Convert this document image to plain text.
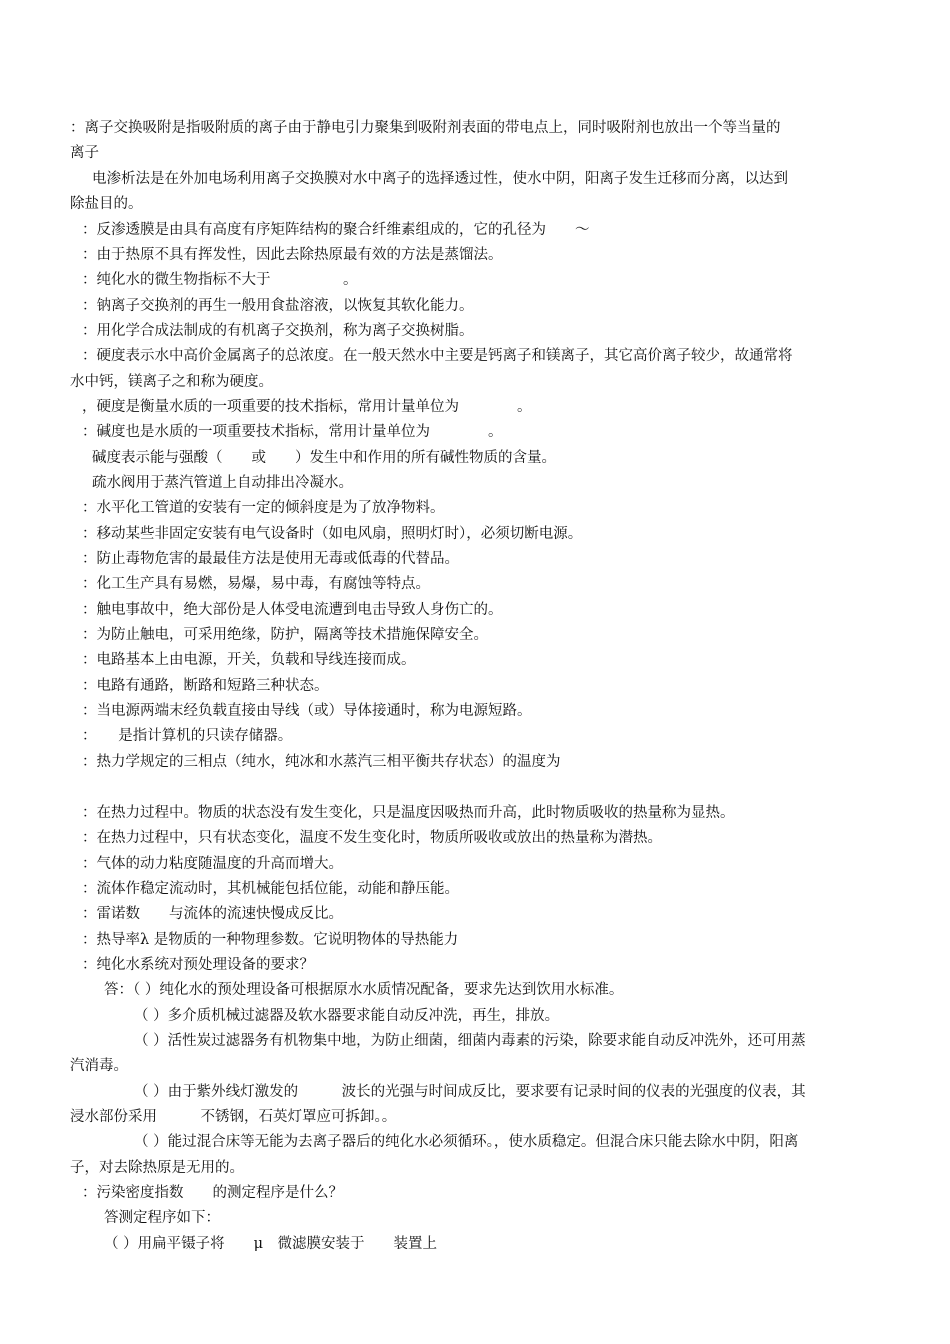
：离子交换吸附是指吸附质的离子由于静电引力聚集到吸附剂表面的带电点上，同时吸附剂也放出一个等当量的
离子
电渗析法是在外加电场利用离子交换膜对水中离子的选择透过性，使水中阴，阳离子发生迁移而分离，以达到
除盐目的。
：反渗透膜是由具有高度有序矩阵结构的聚合纤维素组成的，它的孔径为　　～
：由于热原不具有挥发性，因此去除热原最有效的方法是蒸馏法。
：纯化水的微生物指标不大于　　　　　。
：钠离子交换剂的再生一般用食盐溶液，以恢复其软化能力。
：用化学合成法制成的有机离子交换剂，称为离子交换树脂。
：硬度表示水中高价金属离子的总浓度。在一般天然水中主要是钙离子和镁离子，其它高价离子较少，故通常将
水中钙，镁离子之和称为硬度。
，硬度是衡量水质的一项重要的技术指标，常用计量单位为　　　　。
：碱度也是水质的一项重要技术指标，常用计量单位为　　　　。
碱度表示能与强酸（　　或　　）发生中和作用的所有碱性物质的含量。
疏水阀用于蒸汽管道上自动排出冷凝水。
：水平化工管道的安装有一定的倾斜度是为了放净物料。
：移动某些非固定安装有电气设备时（如电风扇，照明灯时），必须切断电源。
：防止毒物危害的最最佳方法是使用无毒或低毒的代替品。
：化工生产具有易燃，易爆，易中毒，有腐蚀等特点。
：触电事故中，绝大部份是人体受电流遭到电击导致人身伤亡的。
：为防止触电，可采用绝缘，防护，隔离等技术措施保障安全。
：电路基本上由电源，开关，负载和导线连接而成。
：电路有通路，断路和短路三种状态。
：当电源两端末经负载直接由导线（或）导体接通时，称为电源短路。
：　　是指计算机的只读存储器。
：热力学规定的三相点（纯水，纯冰和水蒸汽三相平衡共存状态）的温度为
：在热力过程中。物质的状态没有发生变化，只是温度因吸热而升高，此时物质吸收的热量称为显热。
：在热力过程中，只有状态变化，温度不发生变化时，物质所吸收或放出的热量称为潜热。
：气体的动力粘度随温度的升高而增大。
：流体作稳定流动时，其机械能包括位能，动能和静压能。
：雷诺数　　与流体的流速快慢成反比。
：热导率λ 是物质的一种物理参数。它说明物体的导热能力
：纯化水系统对预处理设备的要求？
答：（ ）纯化水的预处理设备可根据原水水质情况配备，要求先达到饮用水标准。
（ ）多介质机械过滤器及软水器要求能自动反冲洗，再生，排放。
（ ）活性炭过滤器务有机物集中地，为防止细菌，细菌内毒素的污染，除要求能自动反冲洗外，还可用蒸
汽消毒。
（ ）由于紫外线灯激发的　　　波长的光强与时间成反比，要求要有记录时间的仪表的光强度的仪表，其
浸水部份采用　　　不锈钢，石英灯罩应可拆卸。。
（ ）能过混合床等无能为去离子器后的纯化水必须循环。，使水质稳定。但混合床只能去除水中阴，阳离
子，对去除热原是无用的。
：污染密度指数　　的测定程序是什么？
答测定程序如下：
（ ）用扁平镊子将　　μ　微滤膜安装于　　装置上
